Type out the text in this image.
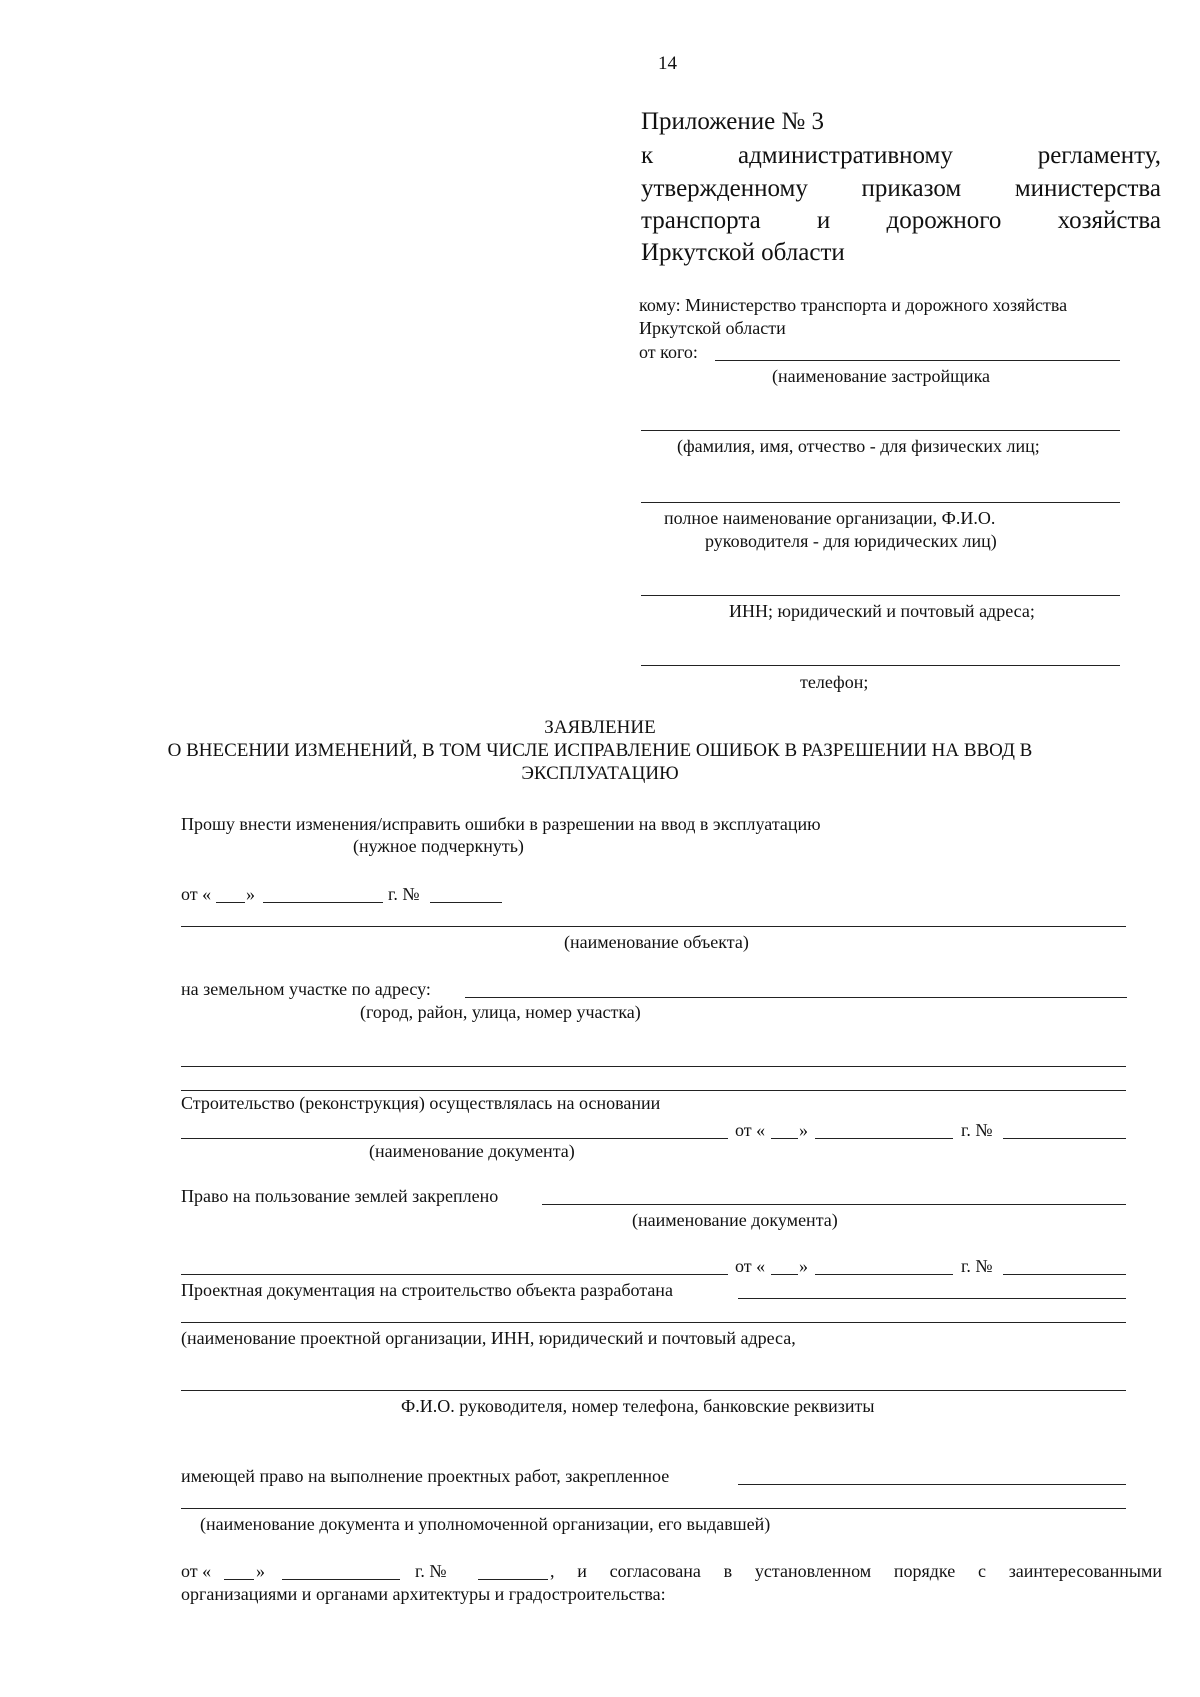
14
Приложение № 3
к	административному	регламенту,
утвержденному приказом министерства
транспорта и дорожного хозяйства
Иркутской области
кому: Министерство транспорта и дорожного хозяйства
Иркутской области
от кого:
(наименование застройщика
(фамилия, имя, отчество - для физических лиц;
полное наименование организации, Ф.И.О.
руководителя - для юридических лиц)
ИНН; юридический и почтовый адреса;
телефон;
ЗАЯВЛЕНИЕ
О ВНЕСЕНИИ ИЗМЕНЕНИЙ, В ТОМ ЧИСЛЕ ИСПРАВЛЕНИЕ ОШИБОК В РАЗРЕШЕНИИ НА ВВОД В
ЭКСПЛУАТАЦИЮ
Прошу внести изменения/исправить ошибки в разрешении на ввод в эксплуатацию
(нужное подчеркнуть)
от « »	г. №
(наименование объекта)
на земельном участке по адресу:
(город, район, улица, номер участка)
Строительство (реконструкция) осуществлялась на основании
от « »	г. №
(наименование документа)
Право на пользование землей закреплено
(наименование документа)
от « »	г. №
Проектная документация на строительство объекта разработана
(наименование проектной организации, ИНН, юридический и почтовый адреса,
Ф.И.О. руководителя, номер телефона, банковские реквизиты
имеющей право на выполнение проектных работ, закрепленное
(наименование документа и уполномоченной организации, его выдавшей)
от « »	г. №	, и согласована в установленном порядке с заинтересованными
организациями и органами архитектуры и градостроительства:
